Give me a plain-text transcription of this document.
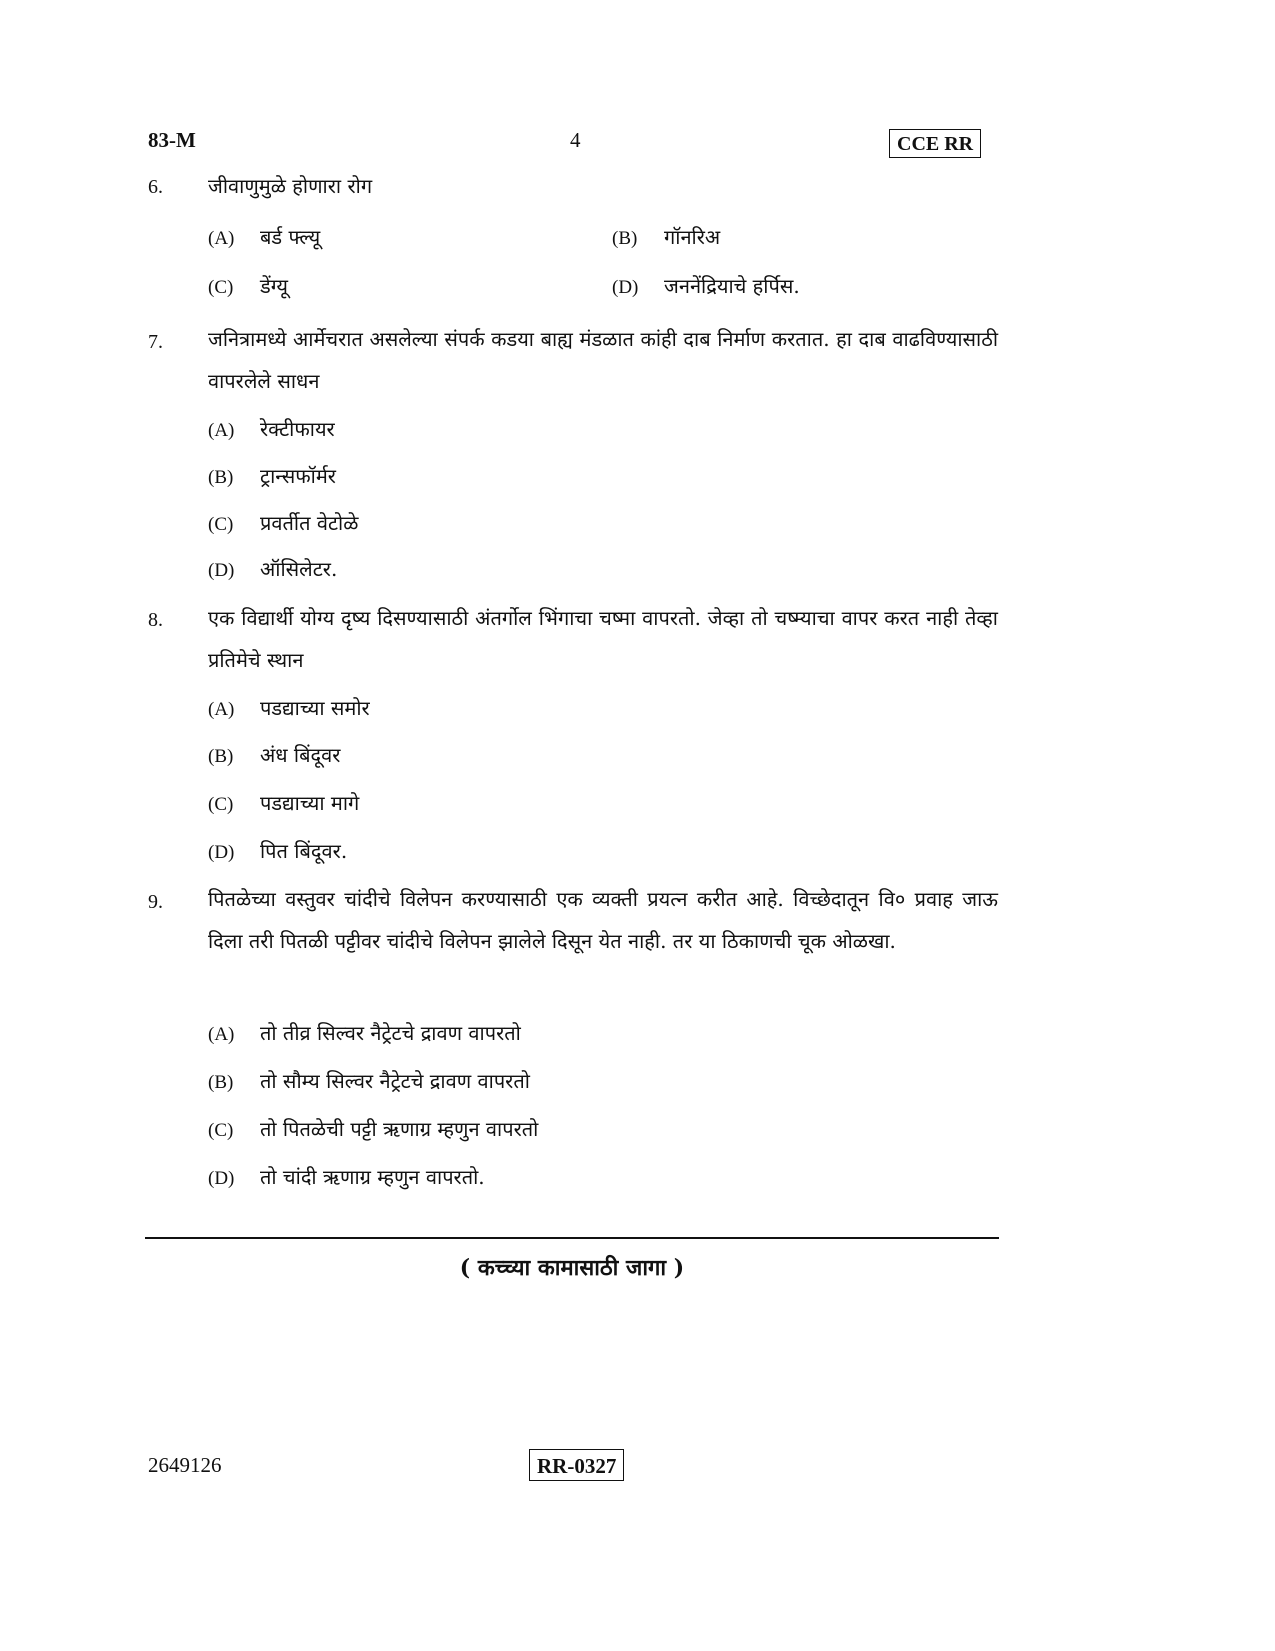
83-M	4	CCE RR
6. जीवाणुमुळे होणारा रोग
(A) बर्ड फ्ल्यू	(B) गॉनरिअ
(C) डेंग्यू	(D) जननेंद्रियाचे हर्पिस.
7. जनित्रामध्ये आर्मेचरात असलेल्या संपर्क कडया बाह्य मंडळात कांही दाब निर्माण करतात. हा दाब वाढविण्यासाठी वापरलेले साधन
(A) रेक्टीफायर
(B) ट्रान्सफॉर्मर
(C) प्रवर्तीत वेटोळे
(D) ऑसिलेटर.
8. एक विद्यार्थी योग्य दृष्य दिसण्यासाठी अंतर्गोल भिंगाचा चष्मा वापरतो. जेव्हा तो चष्म्याचा वापर करत नाही तेव्हा प्रतिमेचे स्थान
(A) पडद्याच्या समोर
(B) अंध बिंदूवर
(C) पडद्याच्या मागे
(D) पित बिंदूवर.
9. पितळेच्या वस्तुवर चांदीचे विलेपन करण्यासाठी एक व्यक्ती प्रयत्न करीत आहे. विच्छेदातून वि० प्रवाह जाऊ दिला तरी पितळी पट्टीवर चांदीचे विलेपन झालेले दिसून येत नाही. तर या ठिकाणची चूक ओळखा.
(A) तो तीव्र सिल्वर नैट्रेटचे द्रावण वापरतो
(B) तो सौम्य सिल्वर नैट्रेटचे द्रावण वापरतो
(C) तो पितळेची पट्टी ऋणाग्र म्हणुन वापरतो
(D) तो चांदी ऋणाग्र म्हणुन वापरतो.
( कच्च्या कामासाठी जागा )
2649126	RR-0327
